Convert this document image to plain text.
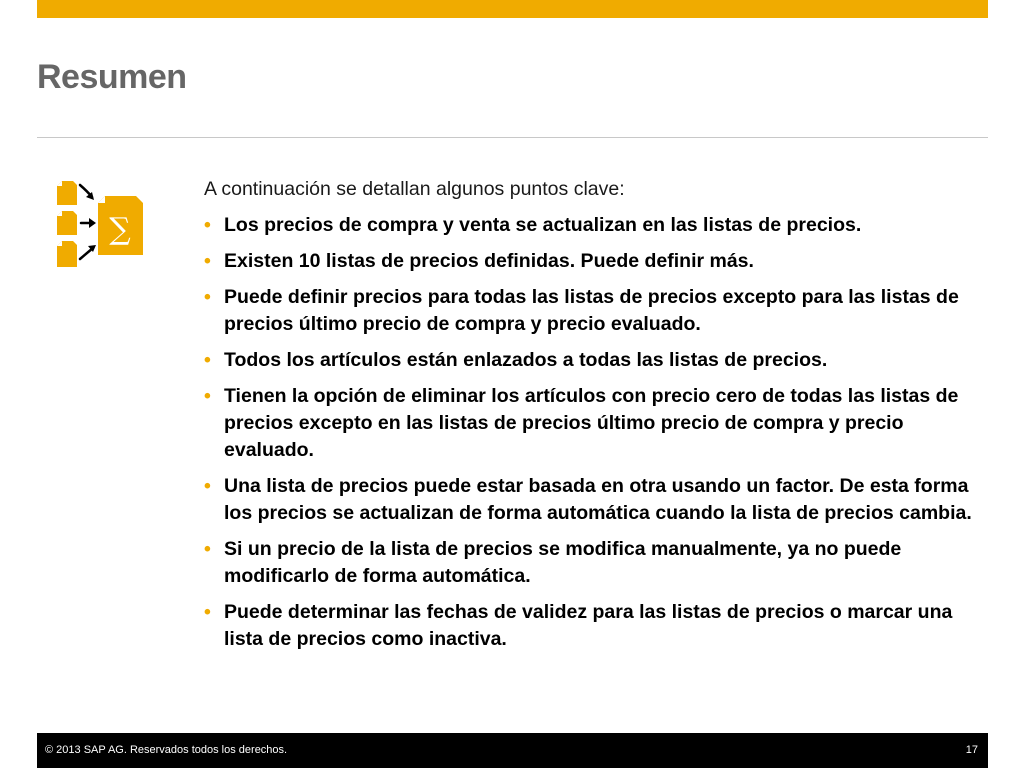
Resumen
∑

A continuación se detallan algunos puntos clave:

• Los precios de compra y venta se actualizan en las listas de precios.
• Existen 10 listas de precios definidas. Puede definir más.
• Puede definir precios para todas las listas de precios excepto para las listas de precios último precio de compra y precio evaluado.
• Todos los artículos están enlazados a todas las listas de precios.
• Tienen la opción de eliminar los artículos con precio cero de todas las listas de precios excepto en las listas de precios último precio de compra y precio evaluado.
• Una lista de precios puede estar basada en otra usando un factor. De esta forma los precios se actualizan de forma automática cuando la lista de precios cambia.
• Si un precio de la lista de precios se modifica manualmente, ya no puede modificarlo de forma automática.
• Puede determinar las fechas de validez para las listas de precios o marcar una lista de precios como inactiva.
© 2013 SAP AG. Reservados todos los derechos.	17
